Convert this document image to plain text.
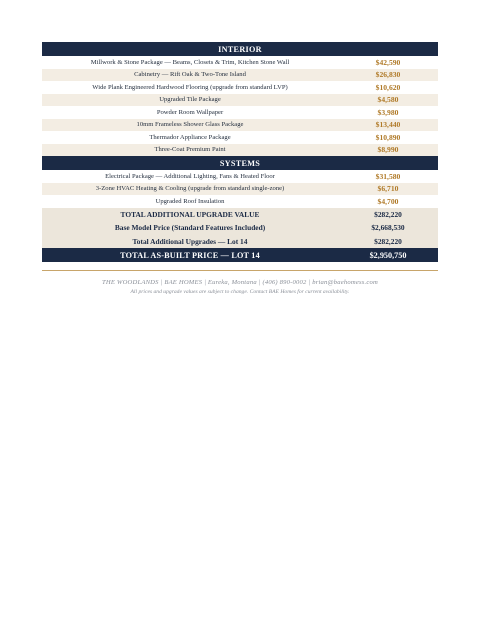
INTERIOR
Millwork & Stone Package — Beams, Closets & Trim, Kitchen Stone Wall	$42,590
Cabinetry — Rift Oak & Two-Tone Island	$26,830
Wide Plank Engineered Hardwood Flooring (upgrade from standard LVP)	$10,620
Upgraded Tile Package	$4,580
Powder Room Wallpaper	$3,980
10mm Frameless Shower Glass Package	$13,440
Thermador Appliance Package	$10,890
Three-Coat Premium Paint	$8,990
SYSTEMS
Electrical Package — Additional Lighting, Fans & Heated Floor	$31,580
3-Zone HVAC Heating & Cooling (upgrade from standard single-zone)	$6,710
Upgraded Roof Insulation	$4,700
TOTAL ADDITIONAL UPGRADE VALUE	$282,220
Base Model Price (Standard Features Included)	$2,668,530
Total Additional Upgrades — Lot 14	$282,220
TOTAL AS-BUILT PRICE — LOT 14	$2,950,750
THE WOODLANDS | BAE HOMES | Eureka, Montana | (406) 890-0002 | brian@baehomess.com
All prices and upgrade values are subject to change. Contact BAE Homes for current availability.
